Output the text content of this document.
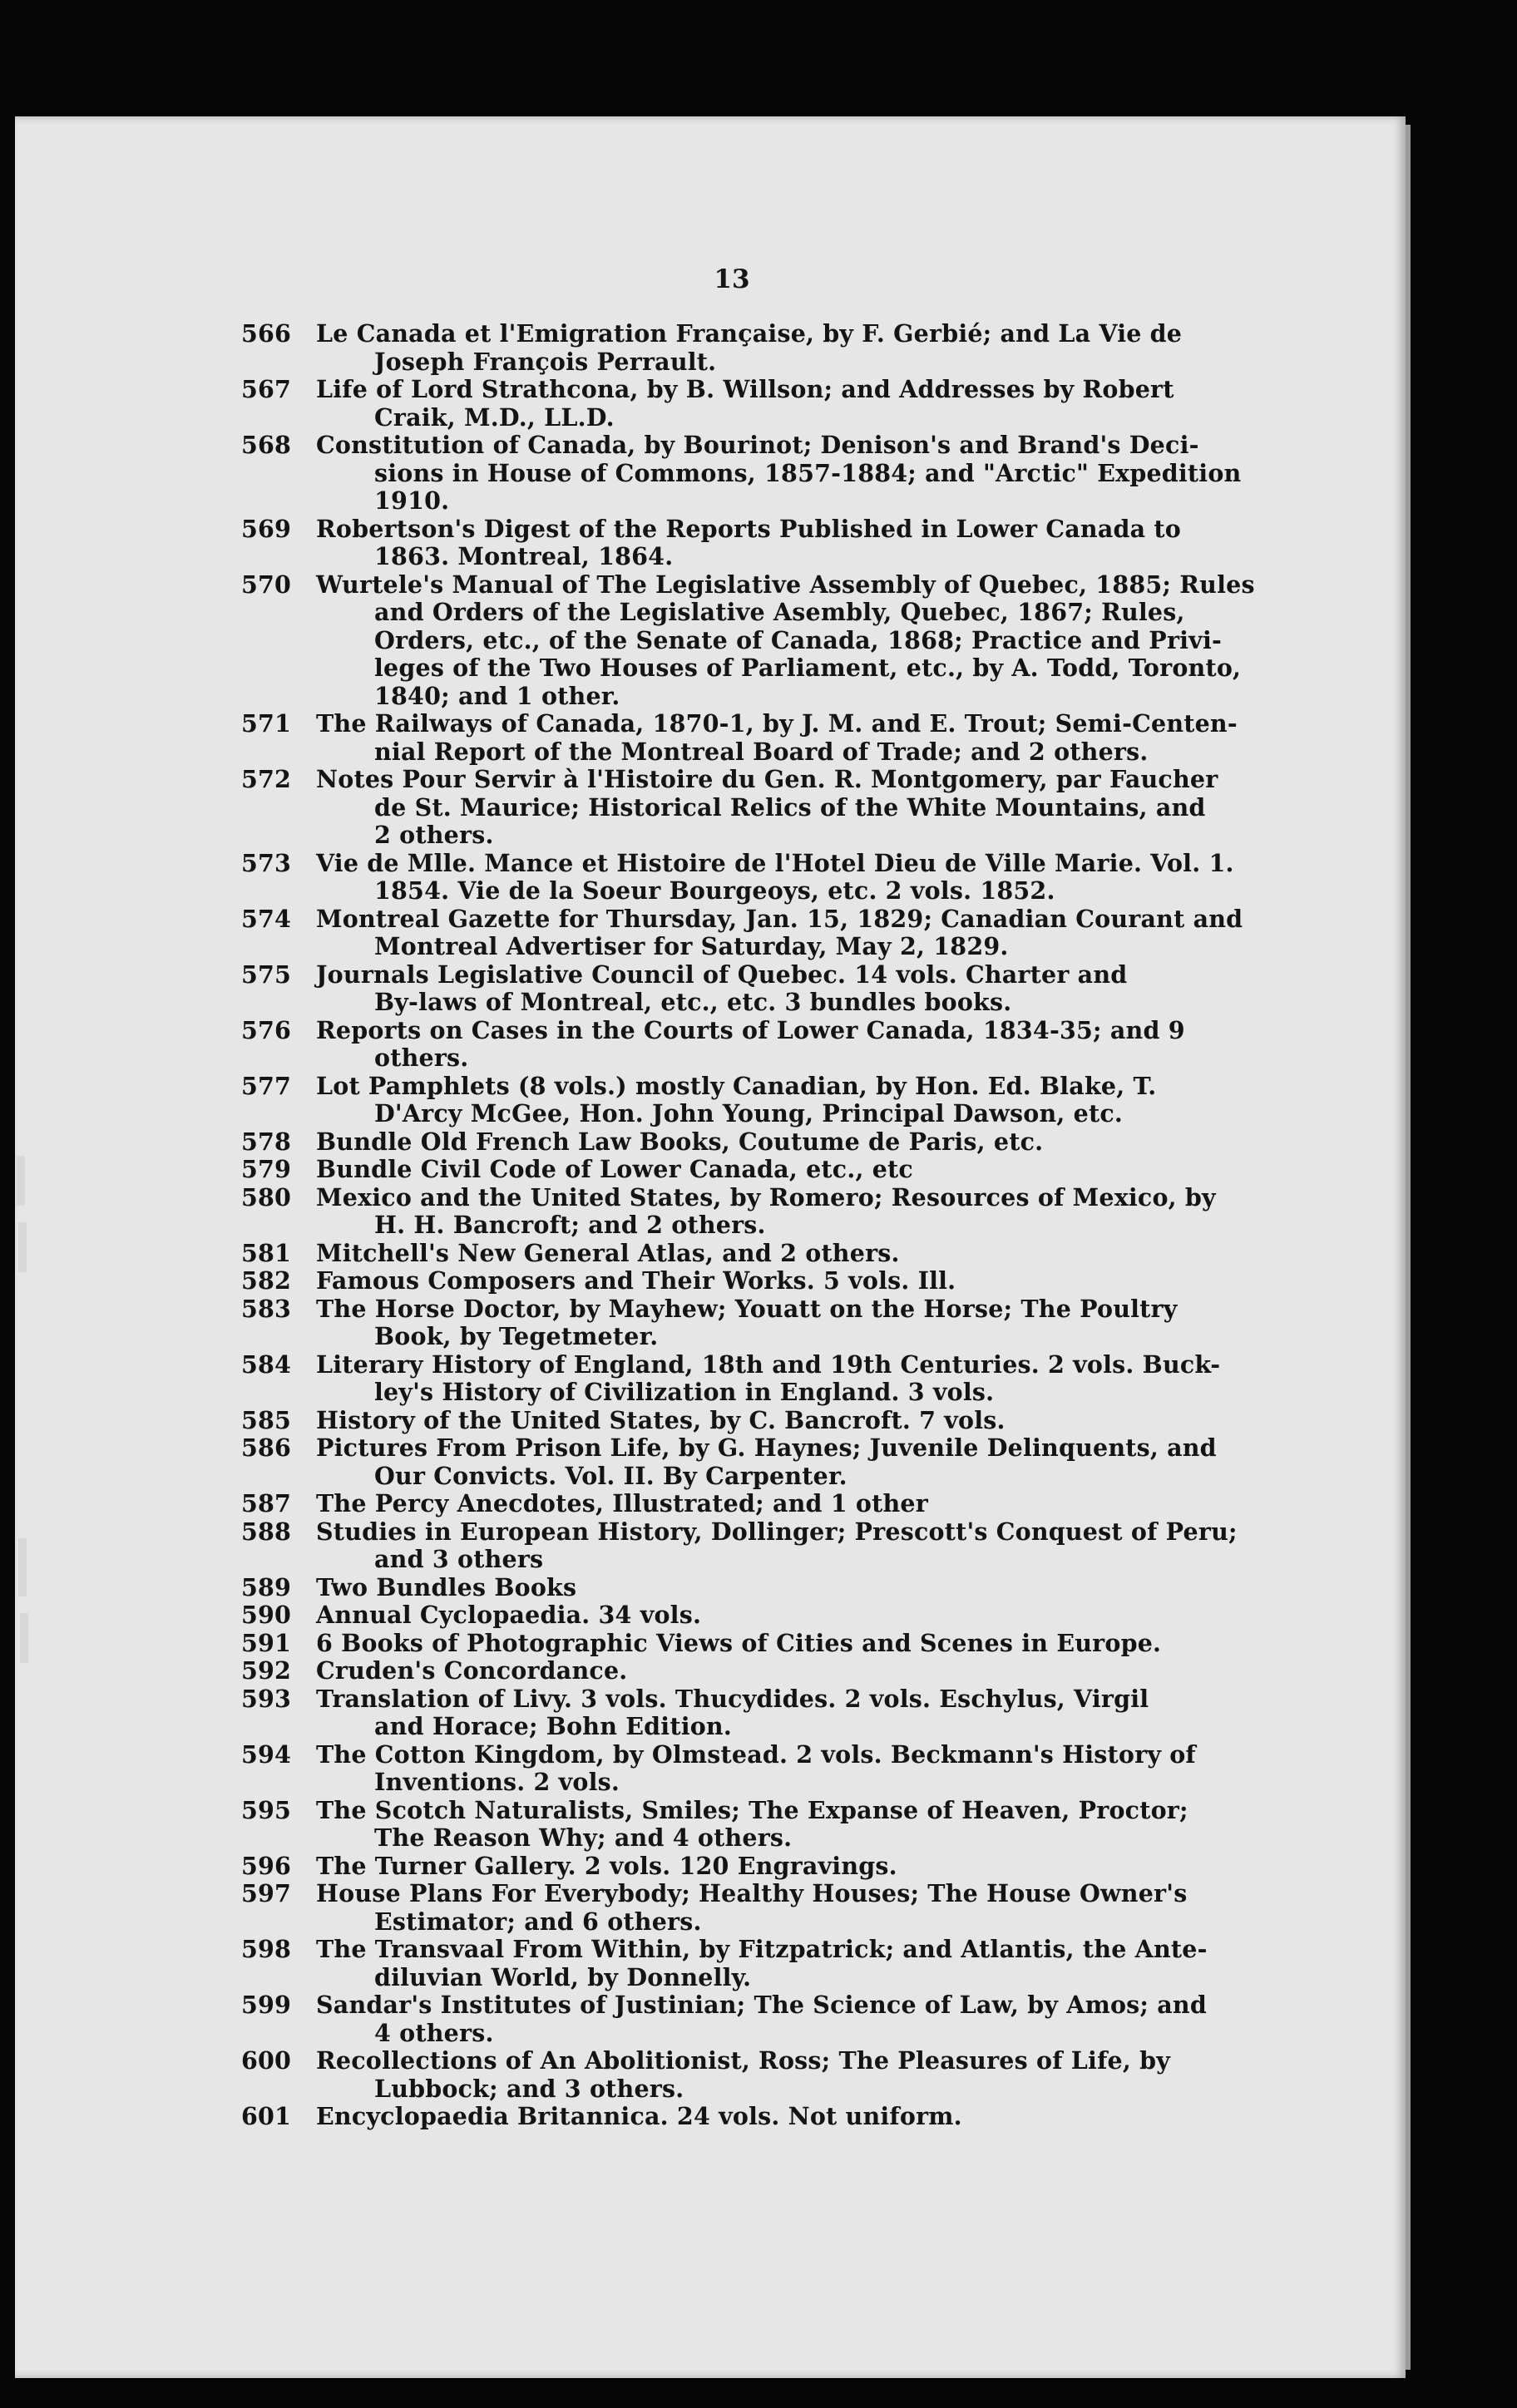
13
566	Le Canada et l'Emigration Française, by F. Gerbié; and La Vie de
Joseph François Perrault.
567	Life of Lord Strathcona, by B. Willson; and Addresses by Robert
Craik, M.D., LL.D.
568	Constitution of Canada, by Bourinot; Denison's and Brand's Deci-
sions in House of Commons, 1857-1884; and "Arctic" Expedition
1910.
569	Robertson's Digest of the Reports Published in Lower Canada to
1863. Montreal, 1864.
570	Wurtele's Manual of The Legislative Assembly of Quebec, 1885; Rules
and Orders of the Legislative Asembly, Quebec, 1867; Rules,
Orders, etc., of the Senate of Canada, 1868; Practice and Privi-
leges of the Two Houses of Parliament, etc., by A. Todd, Toronto,
1840; and 1 other.
571	The Railways of Canada, 1870-1, by J. M. and E. Trout; Semi-Centen-
nial Report of the Montreal Board of Trade; and 2 others.
572	Notes Pour Servir à l'Histoire du Gen. R. Montgomery, par Faucher
de St. Maurice; Historical Relics of the White Mountains, and
2 others.
573	Vie de Mlle. Mance et Histoire de l'Hotel Dieu de Ville Marie. Vol. 1.
1854. Vie de la Soeur Bourgeoys, etc. 2 vols. 1852.
574	Montreal Gazette for Thursday, Jan. 15, 1829; Canadian Courant and
Montreal Advertiser for Saturday, May 2, 1829.
575	Journals Legislative Council of Quebec. 14 vols. Charter and
By-laws of Montreal, etc., etc. 3 bundles books.
576	Reports on Cases in the Courts of Lower Canada, 1834-35; and 9
others.
577	Lot Pamphlets (8 vols.) mostly Canadian, by Hon. Ed. Blake, T.
D'Arcy McGee, Hon. John Young, Principal Dawson, etc.
578	Bundle Old French Law Books, Coutume de Paris, etc.
579	Bundle Civil Code of Lower Canada, etc., etc
580	Mexico and the United States, by Romero; Resources of Mexico, by
H. H. Bancroft; and 2 others.
581	Mitchell's New General Atlas, and 2 others.
582	Famous Composers and Their Works. 5 vols. Ill.
583	The Horse Doctor, by Mayhew; Youatt on the Horse; The Poultry
Book, by Tegetmeter.
584	Literary History of England, 18th and 19th Centuries. 2 vols. Buck-
ley's History of Civilization in England. 3 vols.
585	History of the United States, by C. Bancroft. 7 vols.
586	Pictures From Prison Life, by G. Haynes; Juvenile Delinquents, and
Our Convicts. Vol. II. By Carpenter.
587	The Percy Anecdotes, Illustrated; and 1 other
588	Studies in European History, Dollinger; Prescott's Conquest of Peru;
and 3 others
589	Two Bundles Books
590	Annual Cyclopaedia. 34 vols.
591	6 Books of Photographic Views of Cities and Scenes in Europe.
592	Cruden's Concordance.
593	Translation of Livy. 3 vols. Thucydides. 2 vols. Eschylus, Virgil
and Horace; Bohn Edition.
594	The Cotton Kingdom, by Olmstead. 2 vols. Beckmann's History of
Inventions. 2 vols.
595	The Scotch Naturalists, Smiles; The Expanse of Heaven, Proctor;
The Reason Why; and 4 others.
596	The Turner Gallery. 2 vols. 120 Engravings.
597	House Plans For Everybody; Healthy Houses; The House Owner's
Estimator; and 6 others.
598	The Transvaal From Within, by Fitzpatrick; and Atlantis, the Ante-
diluvian World, by Donnelly.
599	Sandar's Institutes of Justinian; The Science of Law, by Amos; and
4 others.
600	Recollections of An Abolitionist, Ross; The Pleasures of Life, by
Lubbock; and 3 others.
601	Encyclopaedia Britannica. 24 vols. Not uniform.
